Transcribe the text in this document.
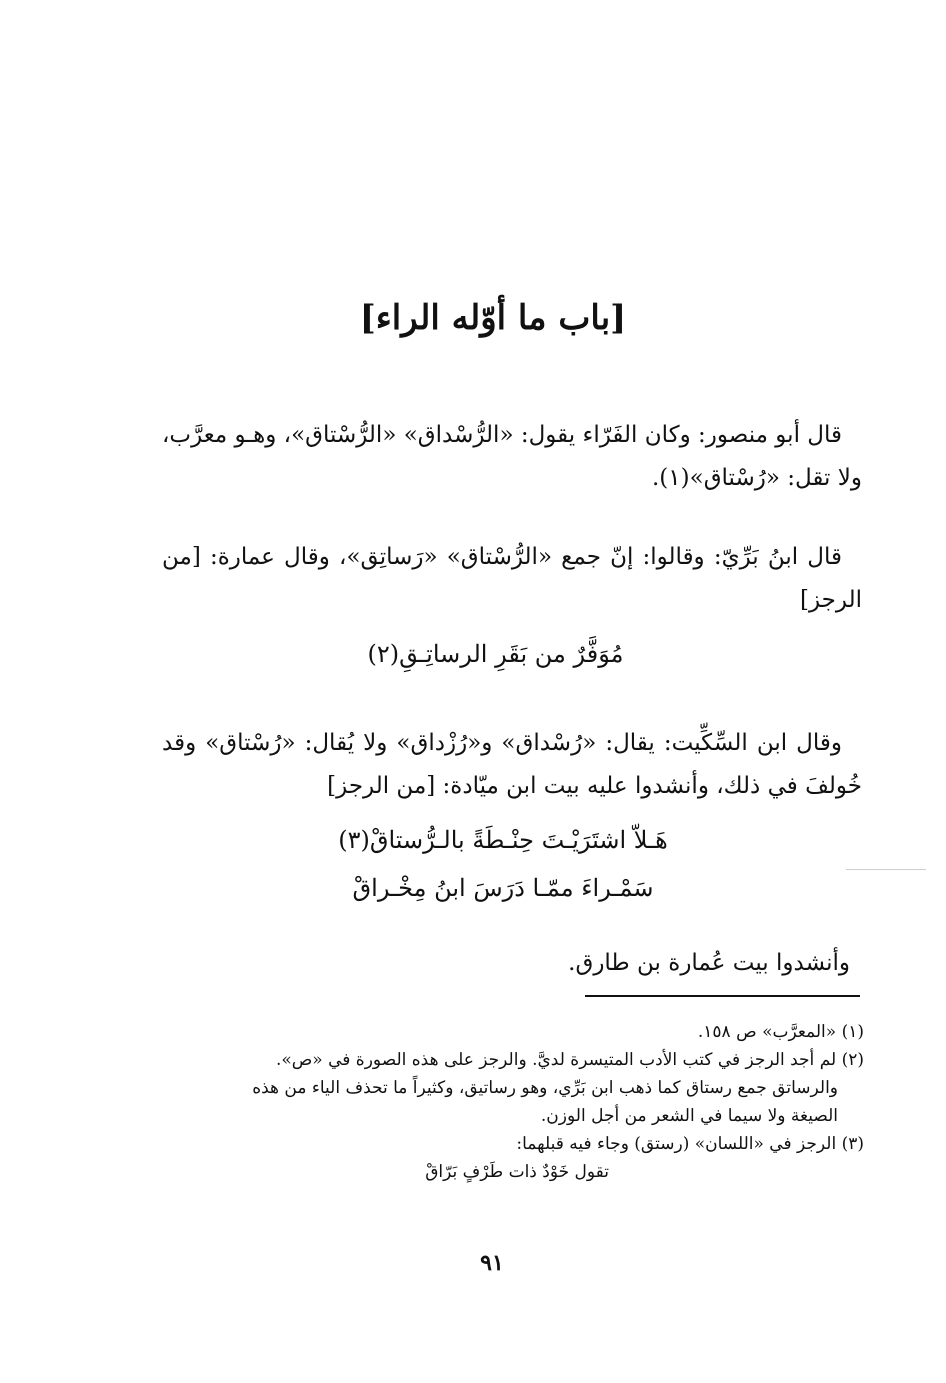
[باب ما أوّله الراء]

قال أبو منصور: وكان الفَرّاء يقول: «الرُّسْداق» «الرُّسْتاق»، وهـو معرَّب، ولا تقل: «رُسْتاق»(١).

قال ابنُ بَرِّيّ: وقالوا: إنّ جمع «الرُّسْتاق» «رَساتِق»، وقال عمارة: [من الرجز]

مُوَفَّرٌ من بَقَرِ الرساتِـقِ(٢)

وقال ابن السِّكِّيت: يقال: «رُسْداق» و«رُزْداق» ولا يُقال: «رُسْتاق» وقد خُولفَ في ذلك، وأنشدوا عليه بيت ابن ميّادة: [من الرجز]

هَـلاّ اشتَرَيْـتَ حِنْـطَةً بالـرُّستاقْ(٣)

سَمْـراءَ ممّـا دَرَسَ ابنُ مِخْـراقْ

وأنشدوا بيت عُمارة بن طارق.

(١) «المعرَّب» ص ١٥٨.

(٢) لم أجد الرجز في كتب الأدب المتيسرة لديَّ. والرجز على هذه الصورة في «ص».

والرساتق جمع رستاق كما ذهب ابن بَرِّي، وهو رساتيق، وكثيراً ما تحذف الياء من هذه

الصيغة ولا سيما في الشعر من أجل الوزن.

(٣) الرجز في «اللسان» (رستق) وجاء فيه قبلهما:

تقول خَوْدٌ ذات طَرْفٍ بَرّاقْ

٩١
